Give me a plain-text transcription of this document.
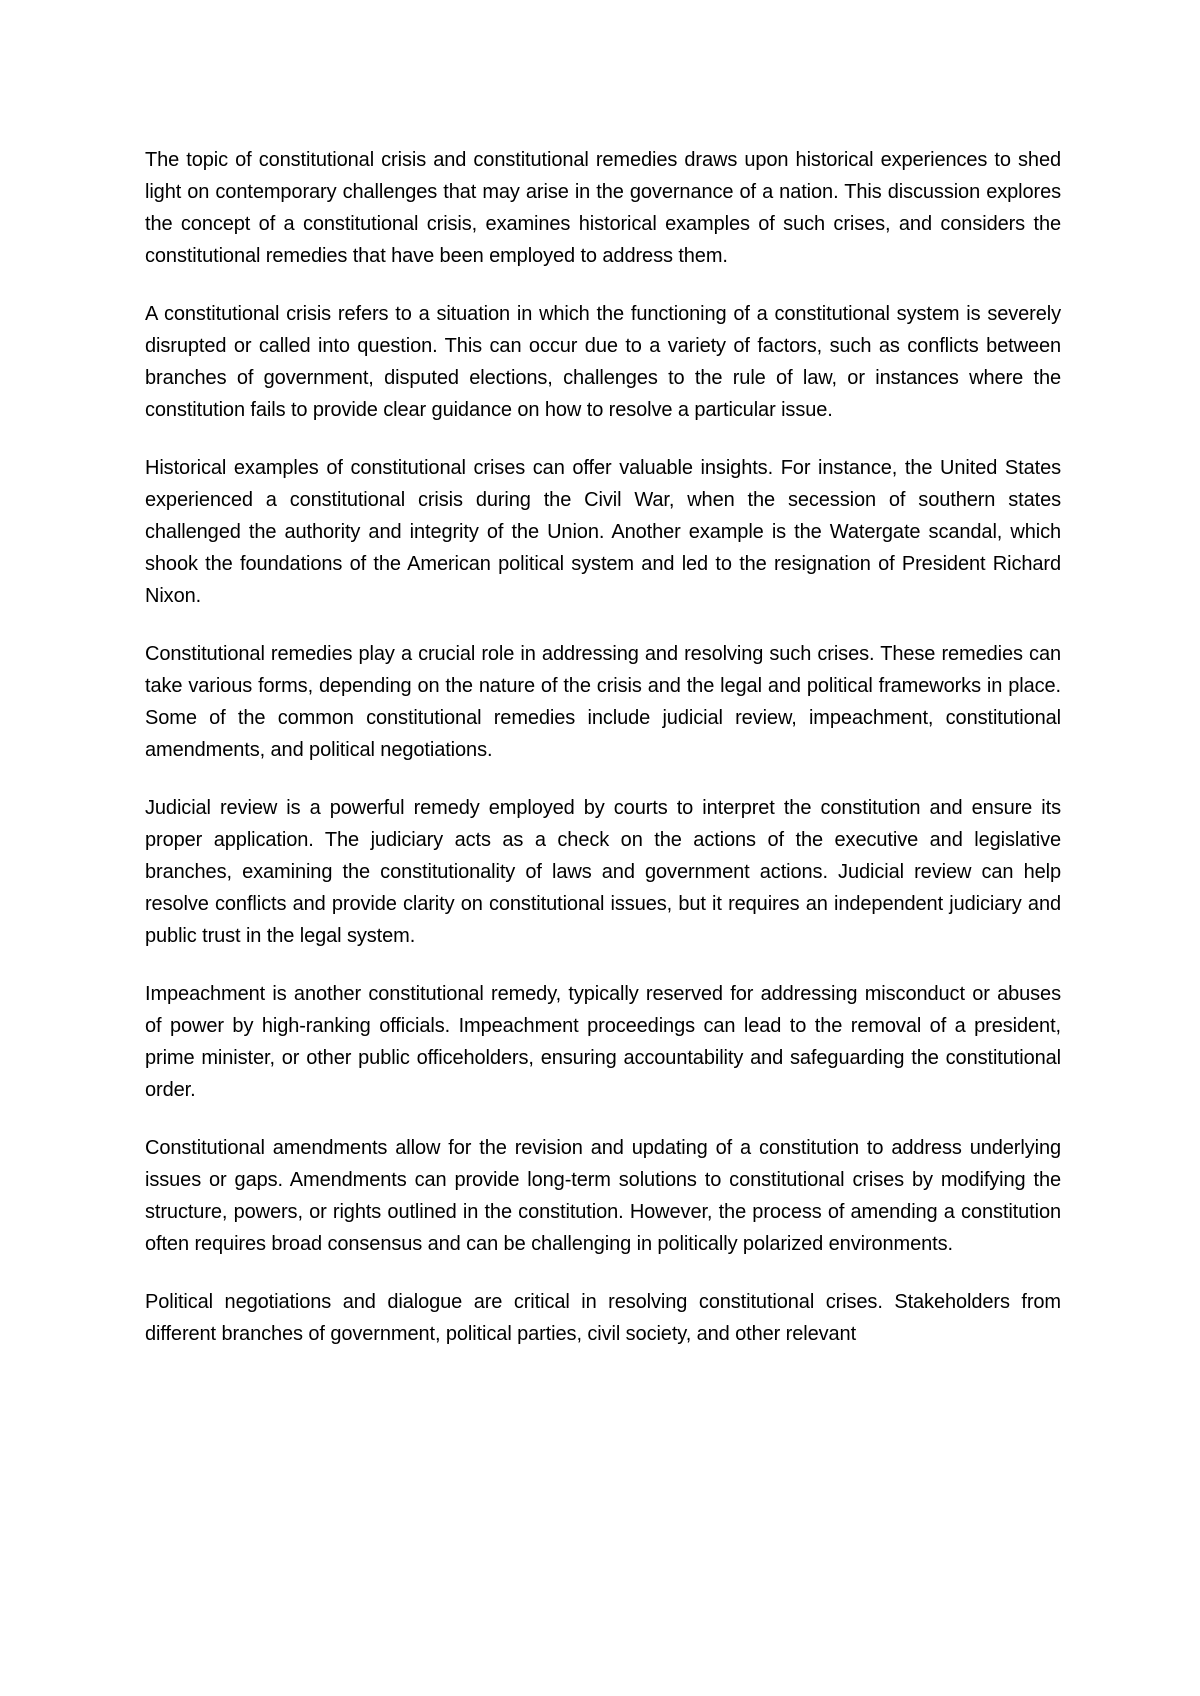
The topic of constitutional crisis and constitutional remedies draws upon historical experiences to shed light on contemporary challenges that may arise in the governance of a nation. This discussion explores the concept of a constitutional crisis, examines historical examples of such crises, and considers the constitutional remedies that have been employed to address them.

A constitutional crisis refers to a situation in which the functioning of a constitutional system is severely disrupted or called into question. This can occur due to a variety of factors, such as conflicts between branches of government, disputed elections, challenges to the rule of law, or instances where the constitution fails to provide clear guidance on how to resolve a particular issue.

Historical examples of constitutional crises can offer valuable insights. For instance, the United States experienced a constitutional crisis during the Civil War, when the secession of southern states challenged the authority and integrity of the Union. Another example is the Watergate scandal, which shook the foundations of the American political system and led to the resignation of President Richard Nixon.

Constitutional remedies play a crucial role in addressing and resolving such crises. These remedies can take various forms, depending on the nature of the crisis and the legal and political frameworks in place. Some of the common constitutional remedies include judicial review, impeachment, constitutional amendments, and political negotiations.

Judicial review is a powerful remedy employed by courts to interpret the constitution and ensure its proper application. The judiciary acts as a check on the actions of the executive and legislative branches, examining the constitutionality of laws and government actions. Judicial review can help resolve conflicts and provide clarity on constitutional issues, but it requires an independent judiciary and public trust in the legal system.

Impeachment is another constitutional remedy, typically reserved for addressing misconduct or abuses of power by high-ranking officials. Impeachment proceedings can lead to the removal of a president, prime minister, or other public officeholders, ensuring accountability and safeguarding the constitutional order.

Constitutional amendments allow for the revision and updating of a constitution to address underlying issues or gaps. Amendments can provide long-term solutions to constitutional crises by modifying the structure, powers, or rights outlined in the constitution. However, the process of amending a constitution often requires broad consensus and can be challenging in politically polarized environments.

Political negotiations and dialogue are critical in resolving constitutional crises. Stakeholders from different branches of government, political parties, civil society, and other relevant
